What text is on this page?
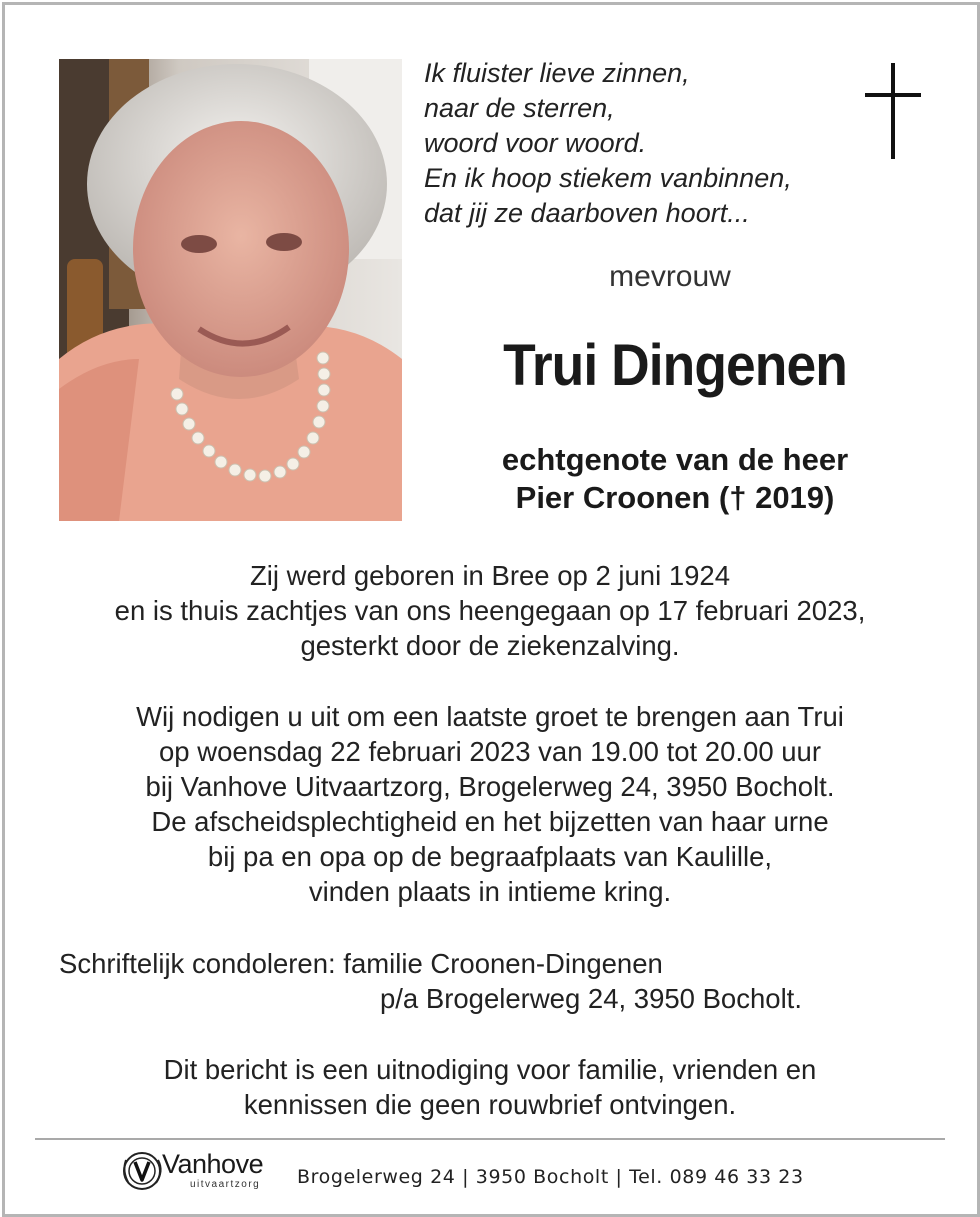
Ik fluister lieve zinnen,
naar de sterren,
woord voor woord.
En ik hoop stiekem vanbinnen,
dat jij ze daarboven hoort...
mevrouw
Trui Dingenen
echtgenote van de heer
Pier Croonen († 2019)
Zij werd geboren in Bree op 2 juni 1924
en is thuis zachtjes van ons heengegaan op 17 februari 2023,
gesterkt door de ziekenzalving.
Wij nodigen u uit om een laatste groet te brengen aan Trui
op woensdag 22 februari 2023 van 19.00 tot 20.00 uur
bij Vanhove Uitvaartzorg, Brogelerweg 24, 3950 Bocholt.
De afscheidsplechtigheid en het bijzetten van haar urne
bij pa en opa op de begraafplaats van Kaulille,
vinden plaats in intieme kring.
Schriftelijk condoleren: familie Croonen-Dingenen
p/a Brogelerweg 24, 3950 Bocholt.
Dit bericht is een uitnodiging voor familie, vrienden en
kennissen die geen rouwbrief ontvingen.
Vanhove
uitvaartzorg Brogelerweg 24 | 3950 Bocholt | Tel. 089 46 33 23
